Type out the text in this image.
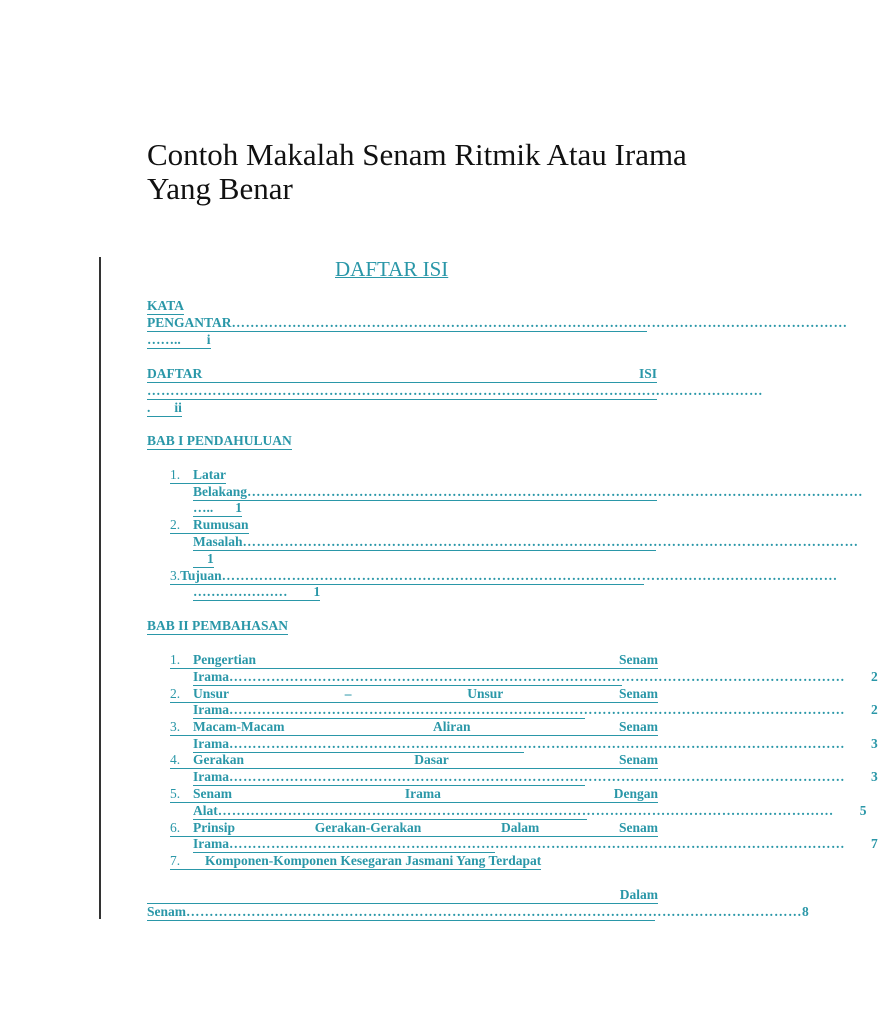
Contoh Makalah Senam Ritmik Atau Irama Yang Benar
DAFTAR ISI
KATA
PENGANTAR ……………………………………………………………………………………………………………………
…….. i
DAFTAR	ISI
……………………………………………………………………………………………………………………
. ii
BAB I PENDAHULUAN
1. Latar
Belakang ……………………………………………………………………………………………………………………
….. 1
2. Rumusan
Masalah ……………………………………………………………………………………………………………………
1
3. Tujuan ……………………………………………………………………………………………………………………
………………… 1
BAB II PEMBAHASAN
1. Pengertian	Senam
Irama …………………………………………………………………………………………………………………… 2
2. Unsur	–	Unsur	Senam
Irama …………………………………………………………………………………………………………………… 2
3. Macam-Macam	Aliran	Senam
Irama …………………………………………………………………………………………………………………… 3
4. Gerakan	Dasar	Senam
Irama …………………………………………………………………………………………………………………… 3
5. Senam	Irama	Dengan
Alat …………………………………………………………………………………………………………………… 5
6. Prinsip	Gerakan-Gerakan	Dalam	Senam
Irama …………………………………………………………………………………………………………………… 7
7.	Komponen-Komponen Kesegaran Jasmani Yang Terdapat
Dalam
Senam …………………………………………………………………………………………………………………… 8
